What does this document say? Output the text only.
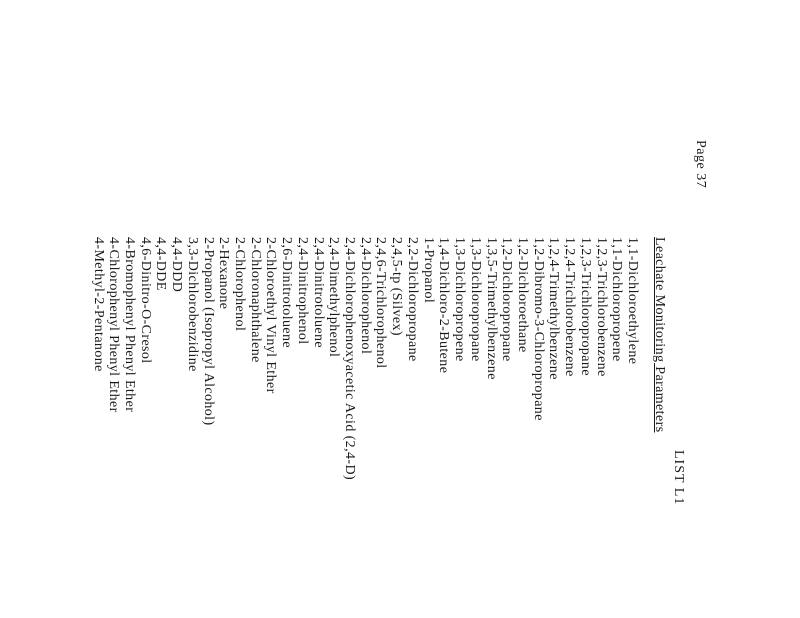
Page 37
LIST L1
Leachate Monitoring Parameters
1,1-Dichloroethylene
1,1-Dichloropropene
1,2,3-Trichlorobenzene
1,2,3-Trichloropropane
1,2,4-Trichlorobenzene
1,2,4-Trimethylbenzene
1,2-Dibromo-3-Chloropropane
1,2-Dichloroethane
1,2-Dichloropropane
1,3,5-Trimethylbenzene
1,3-Dichloropropane
1,3-Dichloropropene
1,4-Dichloro-2-Butene
1-Propanol
2,2-Dichloropropane
2,4,5-tp (Silvex)
2,4,6-Trichlorophenol
2,4-Dichlorophenol
2,4-Dichlorophenoxyacetic Acid (2,4-D)
2,4-Dimethylphenol
2,4-Dinitrotoluene
2,4-Dinitrophenol
2,6-Dinitrotoluene
2-Chloroethyl Vinyl Ether
2-Chloronaphthalene
2-Chlorophenol
2-Hexanone
2-Propanol (Isopropyl Alcohol)
3,3-Dichlorobenzidine
4,4-DDD
4,4-DDE
4,6-Dinitro-O-Cresol
4-Bromophenyl Phenyl Ether
4-Chlorophenyl Phenyl Ether
4-Methyl-2-Pentanone
